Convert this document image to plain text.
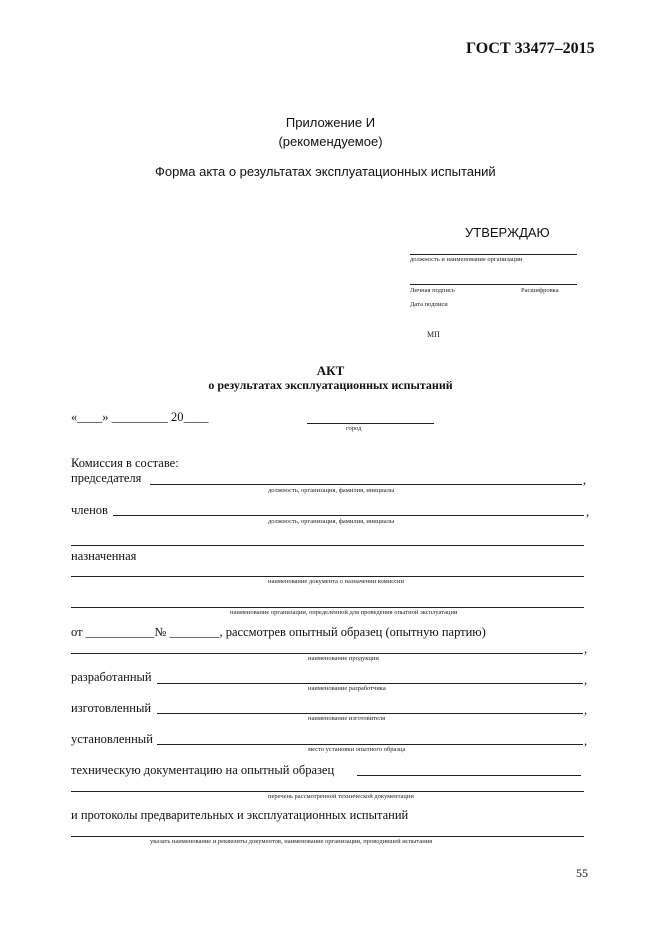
ГОСТ 33477–2015
Приложение И
(рекомендуемое)
Форма акта о результатах эксплуатационных испытаний
УТВЕРЖДАЮ
должность и наименование организации
Личная подпись	Расшифровка
Дата подписи
МП
АКТ
о результатах эксплуатационных испытаний
«____» _________ 20____
город
Комиссия в составе:
председателя	,
должность, организация, фамилия, инициалы
членов	,
должность, организация, фамилия, инициалы
назначенная
наименование документа о назначении комиссии
наименование организации, определенной для проведения опытной эксплуатации
от ___________№ ________, рассмотрев опытный образец (опытную партию)
,
наименование продукции
разработанный	,
наименование разработчика
изготовленный	,
наименование изготовителя
установленный	,
место установки опытного образца
техническую документацию на опытный образец
перечень рассмотренной технической документации
и протоколы предварительных и эксплуатационных испытаний
указать наименование и реквизиты документов, наименование организации, проводившей испытания
55
